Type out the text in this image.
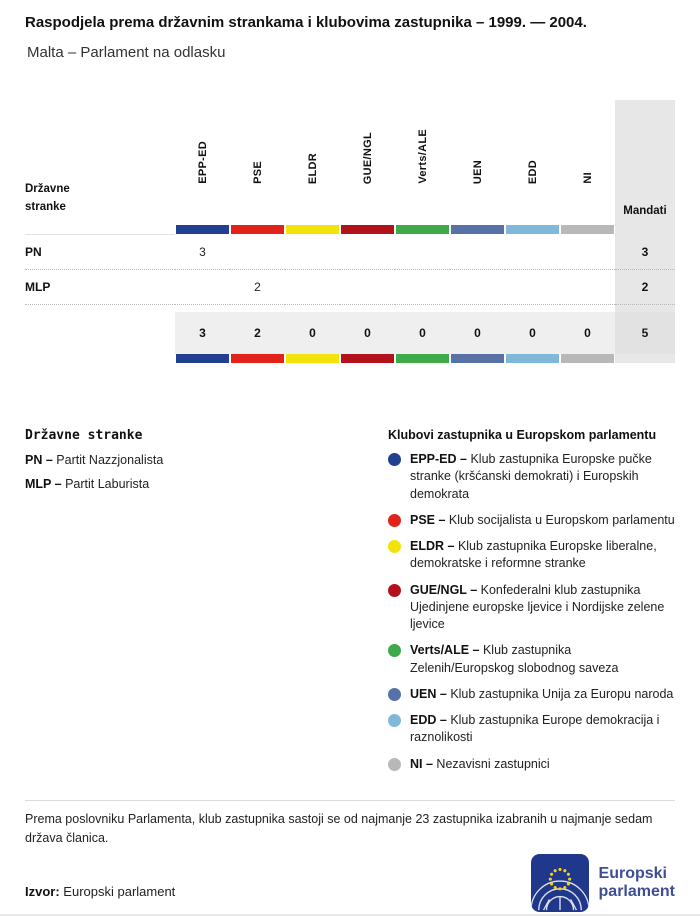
Raspodjela prema državnim strankama i klubovima zastupnika – 1999. — 2004.
Malta – Parlament na odlasku
Državne
stranke	EPP-ED	PSE	ELDR	GUE/NGL	Verts/ALE	UEN	EDD	NI	Mandati

PN	3								3
MLP		2							2

	3	2	0	0	0	0	0	0	5

Državne stranke
PN – Partit Nazzjonalista
MLP – Partit Laburista
Klubovi zastupnika u Europskom parlamentu
EPP-ED – Klub zastupnika Europske pučke stranke (kršćanski demokrati) i Europskih demokrata
PSE – Klub socijalista u Europskom parlamentu
ELDR – Klub zastupnika Europske liberalne, demokratske i reformne stranke
GUE/NGL – Konfederalni klub zastupnika Ujedinjene europske ljevice i Nordijske zelene ljevice
Verts/ALE – Klub zastupnika Zelenih/Europskog slobodnog saveza
UEN – Klub zastupnika Unija za Europu naroda
EDD – Klub zastupnika Europe demokracija i raznolikosti
NI – Nezavisni zastupnici
Prema poslovniku Parlamenta, klub zastupnika sastoji se od najmanje 23 zastupnika izabranih u najmanje sedam država članica.
Izvor: Europski parlament
Europski
parlament
